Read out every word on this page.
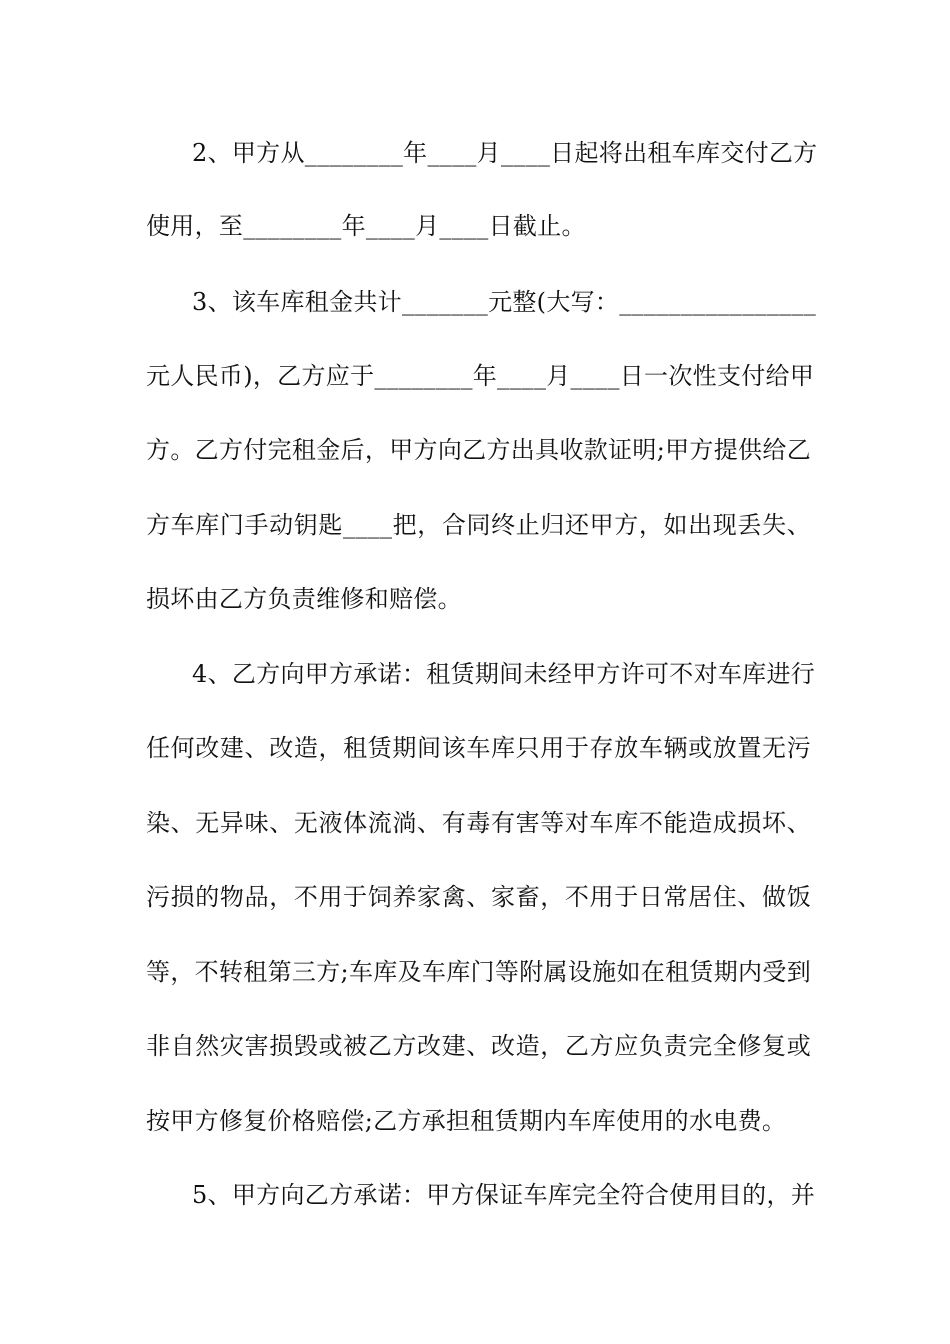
2、甲方从________年____月____日起将出租车库交付乙方
使用，至________年____月____日截止。
3、该车库租金共计_______元整(大写：________________
元人民币)，乙方应于________年____月____日一次性支付给甲
方。乙方付完租金后，甲方向乙方出具收款证明;甲方提供给乙
方车库门手动钥匙____把，合同终止归还甲方，如出现丢失、
损坏由乙方负责维修和赔偿。
4、乙方向甲方承诺：租赁期间未经甲方许可不对车库进行
任何改建、改造，租赁期间该车库只用于存放车辆或放置无污
染、无异味、无液体流淌、有毒有害等对车库不能造成损坏、
污损的物品，不用于饲养家禽、家畜，不用于日常居住、做饭
等，不转租第三方;车库及车库门等附属设施如在租赁期内受到
非自然灾害损毁或被乙方改建、改造，乙方应负责完全修复或
按甲方修复价格赔偿;乙方承担租赁期内车库使用的水电费。
5、甲方向乙方承诺：甲方保证车库完全符合使用目的，并
